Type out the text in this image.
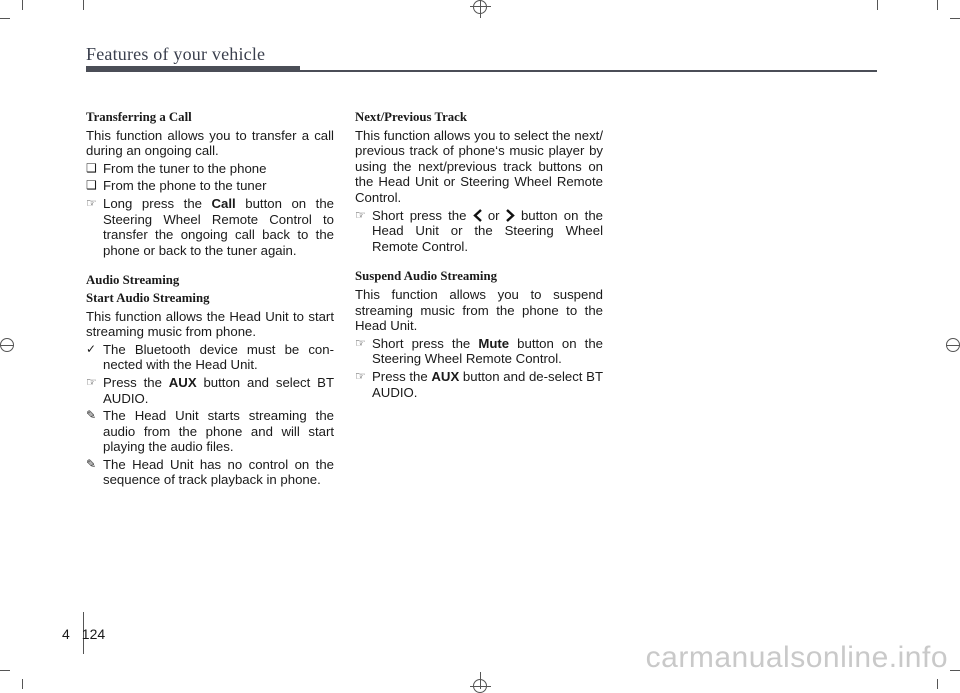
Features of your vehicle
Transferring a Call
This function allows you to transfer a call during an ongoing call.
❑ From the tuner to the phone
❑ From the phone to the tuner
☞ Long press the Call button on the Steering Wheel Remote Control to transfer the ongoing call back to the phone or back to the tuner again.
Audio Streaming
Start Audio Streaming
This function allows the Head Unit to start streaming music from phone.
✓ The Bluetooth device must be con- nected with the Head Unit.
☞ Press the AUX button and select BT AUDIO.
✎ The Head Unit starts streaming the audio from the phone and will start playing the audio files.
✎ The Head Unit has no control on the sequence of track playback in phone.
Next/Previous Track
This function allows you to select the next/ previous track of phone‘s music player by using the next/previous track buttons on the Head Unit or Steering Wheel Remote Control.
☞ Short press the  or  button on the Head Unit or the Steering Wheel Remote Control.
Suspend Audio Streaming
This function allows you to suspend streaming music from the phone to the Head Unit.
☞ Short press the Mute button on the Steering Wheel Remote Control.
☞ Press the AUX button and de-select BT AUDIO.
4 124
carmanualsonline.info
